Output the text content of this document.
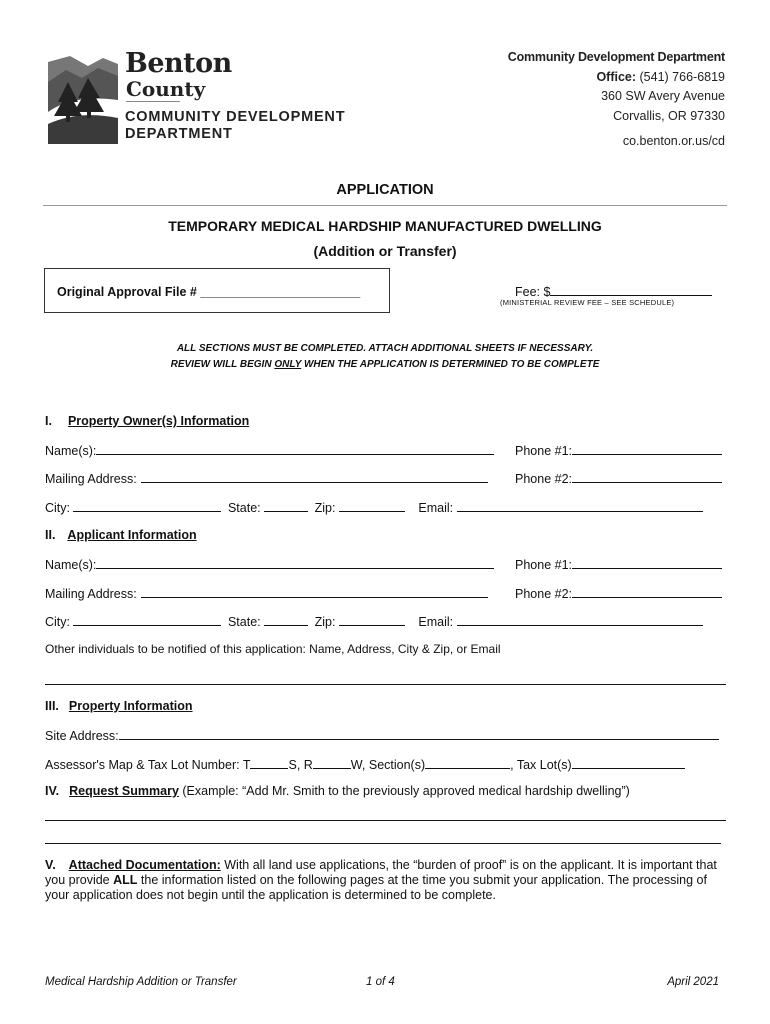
Benton
County
COMMUNITY DEVELOPMENT
DEPARTMENT
Community Development Department
Office: (541) 766-6819
360 SW Avery Avenue
Corvallis, OR 97330
co.benton.or.us/cd
APPLICATION
TEMPORARY MEDICAL HARDSHIP MANUFACTURED DWELLING
(Addition or Transfer)
Original Approval File # _______________________	Fee: $
(MINISTERIAL REVIEW FEE – SEE SCHEDULE)
ALL SECTIONS MUST BE COMPLETED. ATTACH ADDITIONAL SHEETS IF NECESSARY.
REVIEW WILL BEGIN ONLY WHEN THE APPLICATION IS DETERMINED TO BE COMPLETE
I. Property Owner(s) Information
Name(s):	Phone #1:
Mailing Address:	Phone #2:
City:	State:	Zip:	Email:
II. Applicant Information
Name(s):	Phone #1:
Mailing Address:	Phone #2:
City:	State:	Zip:	Email:
Other individuals to be notified of this application: Name, Address, City & Zip, or Email
III. Property Information
Site Address:
Assessor's Map & Tax Lot Number: T	S, R	W, Section(s)	, Tax Lot(s)
IV. Request Summary (Example: “Add Mr. Smith to the previously approved medical hardship dwelling”)
V. Attached Documentation: With all land use applications, the “burden of proof” is on the applicant. It is important that you provide ALL the information listed on the following pages at the time you submit your application. The processing of your application does not begin until the application is determined to be complete.
Medical Hardship Addition or Transfer	1 of 4	April 2021
